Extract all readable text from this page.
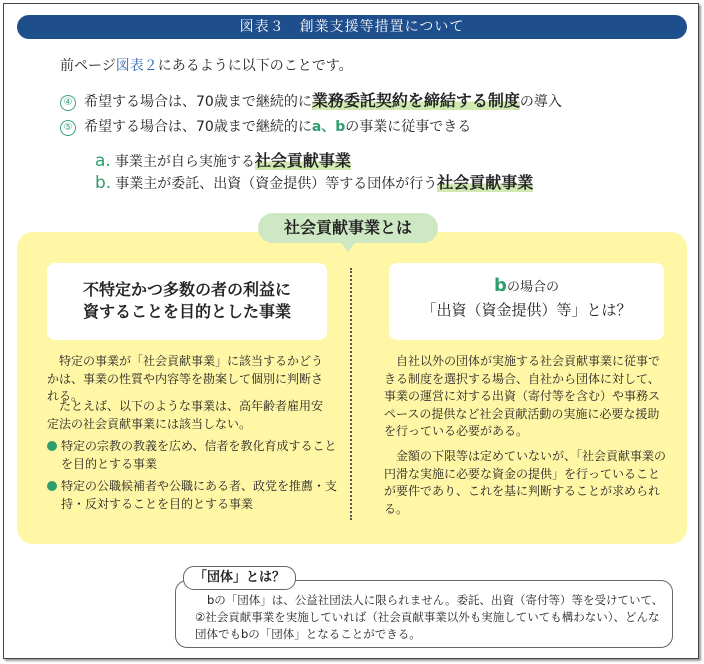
図表３　創業支援等措置について
前ページ図表２にあるように以下のことです。
④ 希望する場合は、70歳まで継続的に業務委託契約を締結する制度の導入
⑤ 希望する場合は、70歳まで継続的にa、bの事業に従事できる
a. 事業主が自ら実施する社会貢献事業
b. 事業主が委託、出資（資金提供）等する団体が行う社会貢献事業
社会貢献事業とは
不特定かつ多数の者の利益に
資することを目的とした事業
bの場合の
「出資（資金提供）等」とは？
特定の事業が「社会貢献事業」に該当するかどうかは、事業の性質や内容等を勘案して個別に判断される。
たとえば、以下のような事業は、高年齢者雇用安定法の社会貢献事業には該当しない。
特定の宗教の教義を広め、信者を教化育成することを目的とする事業
特定の公職候補者や公職にある者、政党を推薦・支持・反対することを目的とする事業
自社以外の団体が実施する社会貢献事業に従事できる制度を選択する場合、自社から団体に対して、事業の運営に対する出資（寄付等を含む）や事務スペースの提供など社会貢献活動の実施に必要な援助を行っている必要がある。
金額の下限等は定めていないが、「社会貢献事業の円滑な実施に必要な資金の提供」を行っていることが要件であり、これを基に判断することが求められる。
「団体」とは？
bの「団体」は、公益社団法人に限られません。委託、出資（寄付等）等を受けていて、②社会貢献事業を実施していれば（社会貢献事業以外も実施していても構わない）、どんな団体でもbの「団体」となることができる。
